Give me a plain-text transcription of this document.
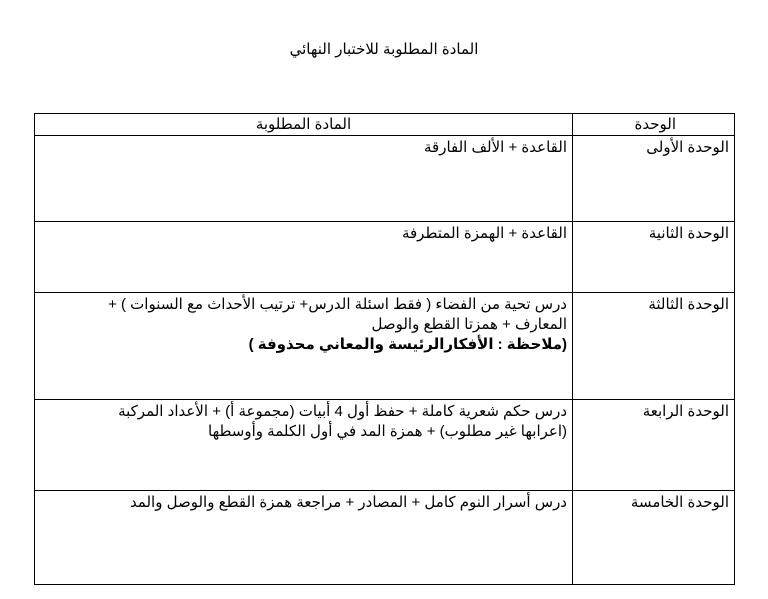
المادة المطلوبة للاختبار النهائي
الوحدة	المادة المطلوبة
الوحدة الأولى	القاعدة + الألف الفارقة

الوحدة الثانية	القاعدة + الهمزة المتطرفة

الوحدة الثالثة	درس تحية من الفضاء ( فقط اسئلة الدرس+ ترتيب الأحداث مع السنوات ) +
المعارف + همزتا القطع والوصل
(ملاحظة : الأفكارالرئيسة والمعاني محذوفة )

الوحدة الرابعة	درس حكم شعرية كاملة + حفظ أول 4 أبيات (مجموعة أ) + الأعداد المركبة
(اعرابها غير مطلوب) + همزة المد في أول الكلمة وأوسطها

الوحدة الخامسة	درس أسرار النوم كامل + المصادر + مراجعة همزة القطع والوصل والمد
